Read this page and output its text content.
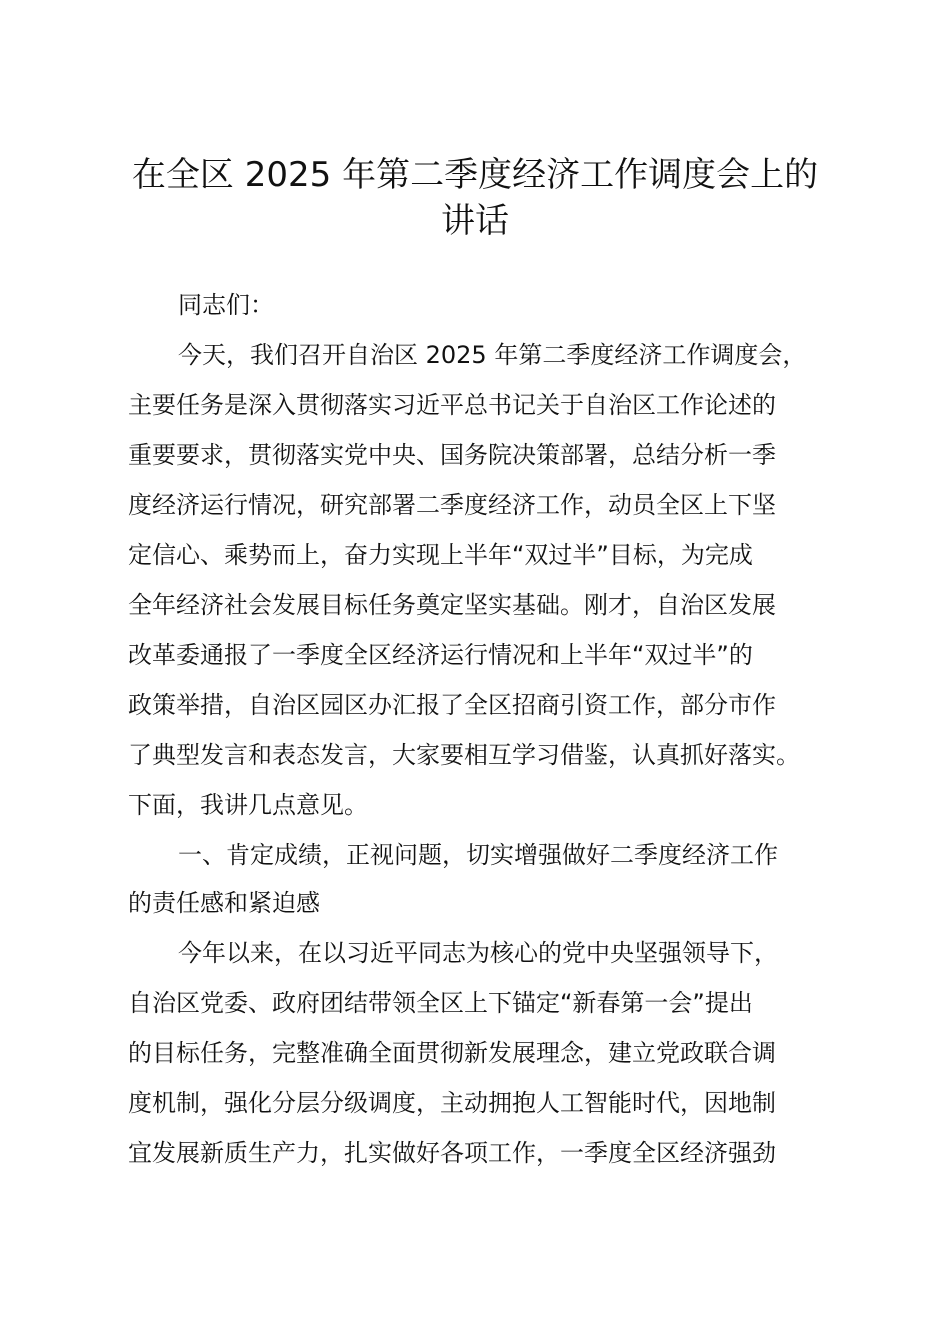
在全区 2025 年第二季度经济工作调度会上的
讲话

同志们：

今天，我们召开自治区 2025 年第二季度经济工作调度会，

主要任务是深入贯彻落实习近平总书记关于自治区工作论述的

重要要求，贯彻落实党中央、国务院决策部署，总结分析一季

度经济运行情况，研究部署二季度经济工作，动员全区上下坚

定信心、乘势而上，奋力实现上半年“双过半”目标，为完成

全年经济社会发展目标任务奠定坚实基础。刚才，自治区发展

改革委通报了一季度全区经济运行情况和上半年“双过半”的

政策举措，自治区园区办汇报了全区招商引资工作，部分市作

了典型发言和表态发言，大家要相互学习借鉴，认真抓好落实。

下面，我讲几点意见。

一、肯定成绩，正视问题，切实增强做好二季度经济工作

的责任感和紧迫感

今年以来，在以习近平同志为核心的党中央坚强领导下，

自治区党委、政府团结带领全区上下锚定“新春第一会”提出

的目标任务，完整准确全面贯彻新发展理念，建立党政联合调

度机制，强化分层分级调度，主动拥抱人工智能时代，因地制

宜发展新质生产力，扎实做好各项工作，一季度全区经济强劲
